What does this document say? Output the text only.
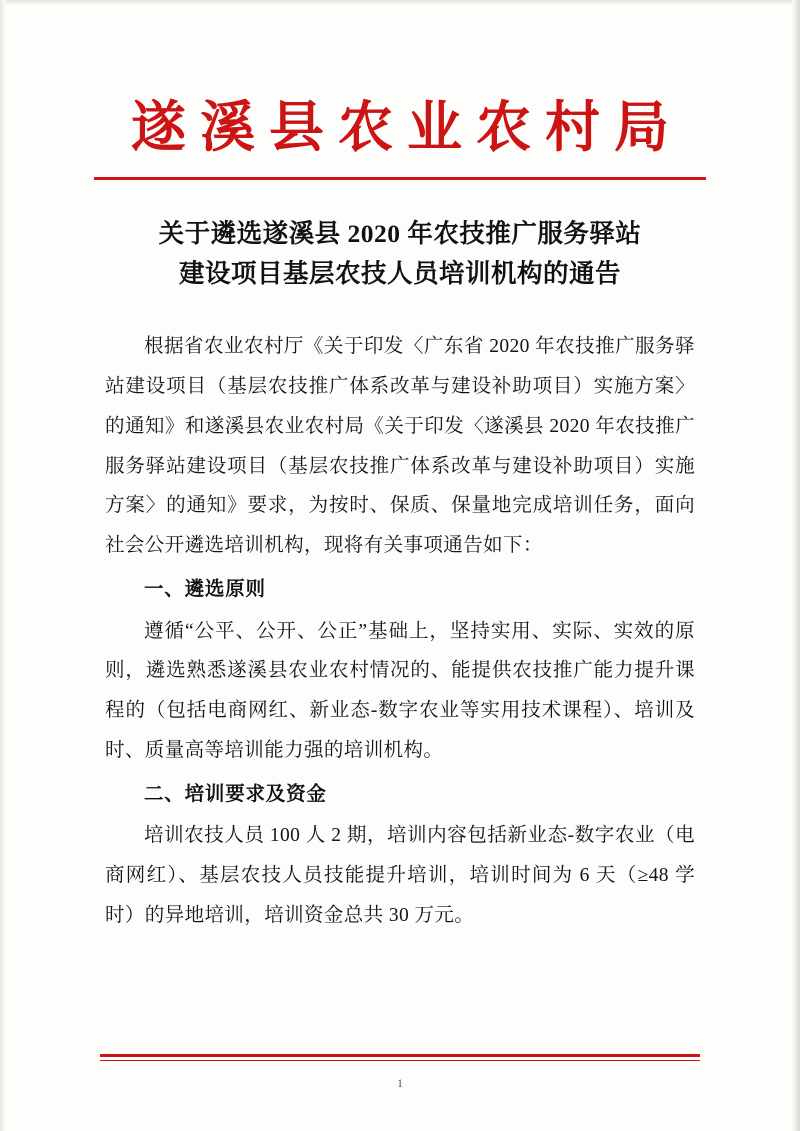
遂溪县农业农村局
关于遴选遂溪县 2020 年农技推广服务驿站
建设项目基层农技人员培训机构的通告

根据省农业农村厅《关于印发〈广东省 2020 年农技推广服务驿站建设项目（基层农技推广体系改革与建设补助项目）实施方案〉的通知》和遂溪县农业农村局《关于印发〈遂溪县 2020 年农技推广服务驿站建设项目（基层农技推广体系改革与建设补助项目）实施方案〉的通知》要求，为按时、保质、保量地完成培训任务，面向社会公开遴选培训机构，现将有关事项通告如下：

一、遴选原则

遵循“公平、公开、公正”基础上，坚持实用、实际、实效的原则，遴选熟悉遂溪县农业农村情况的、能提供农技推广能力提升课程的（包括电商网红、新业态-数字农业等实用技术课程）、培训及时、质量高等培训能力强的培训机构。

二、培训要求及资金

培训农技人员 100 人 2 期，培训内容包括新业态-数字农业（电商网红）、基层农技人员技能提升培训，培训时间为 6 天（≥48 学时）的异地培训，培训资金总共 30 万元。

1
